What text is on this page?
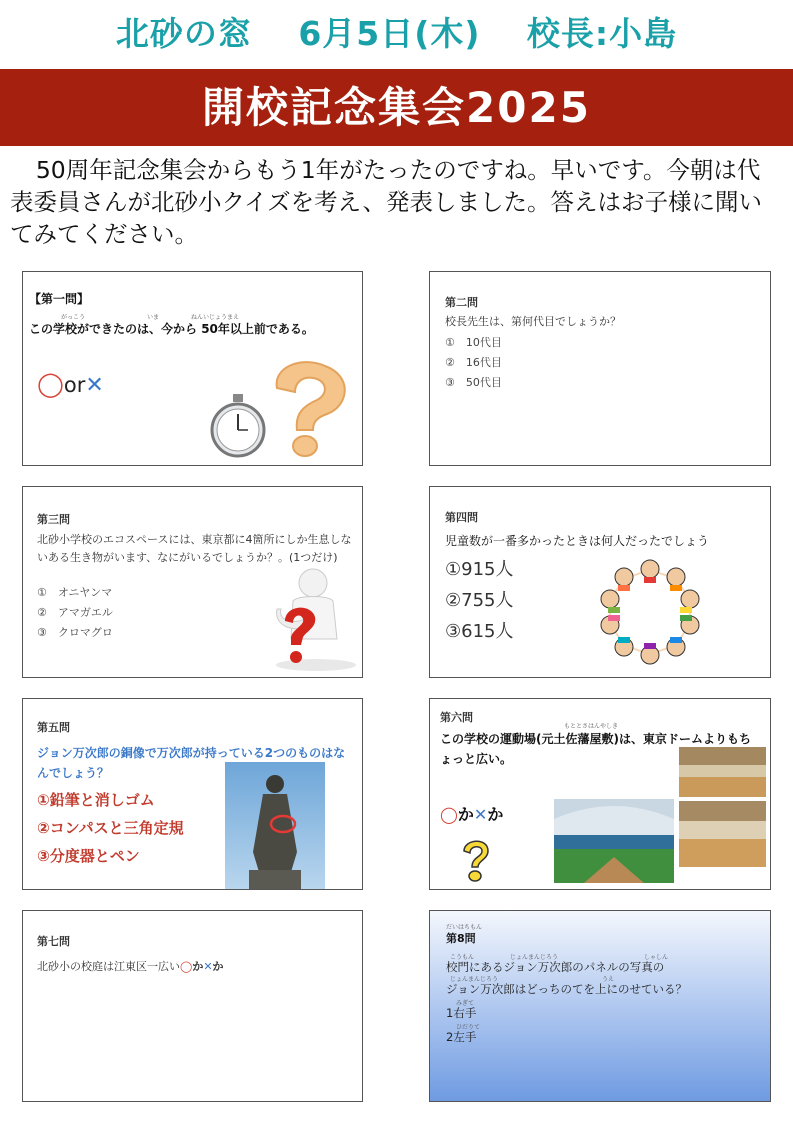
北砂の窓　 6月5日(木)　 校長:小島
開校記念集会2025
50周年記念集会からもう1年がたったのですね。早いです。今朝は代表委員さんが北砂小クイズを考え、発表しました。答えはお子様に聞いてみてください。
【第一問】
がっこう	いま	ねんいじょうまえ
この学校ができたのは、今から 50年以上前である。
◯or✕
第二問
校長先生は、第何代目でしょうか？
①　10代目
②　16代目
③　50代目
第三問
北砂小学校のエコスペースには、東京都に4箇所にしか生息しないある生き物がいます、なにがいるでしょうか？。(1つだけ)
①　オニヤンマ
②　アマガエル
③　クロマグロ
第四問
児童数が一番多かったときは何人だったでしょう
①915人
②755人
③615人
第五問
ジョン万次郎の銅像で万次郎が持っている2つのものはなんでしょう？
①鉛筆と消しゴム
②コンパスと三角定規
③分度器とペン
第六問
もととさはんやしき
この学校の運動場(元土佐藩屋敷)は、東京ドームよりもちょっと広い。
◯か✕か
第七問
北砂小の校庭は江東区一広い◯か✕か
だいはちもん
第8問
こうもん	じょんまんじろう	しゃしん
校門にあるジョン万次郎のパネルの写真の
じょんまんじろう	うえ
ジョン万次郎はどっちのてを上にのせている？
みぎて
1右手
ひだりて
2左手
